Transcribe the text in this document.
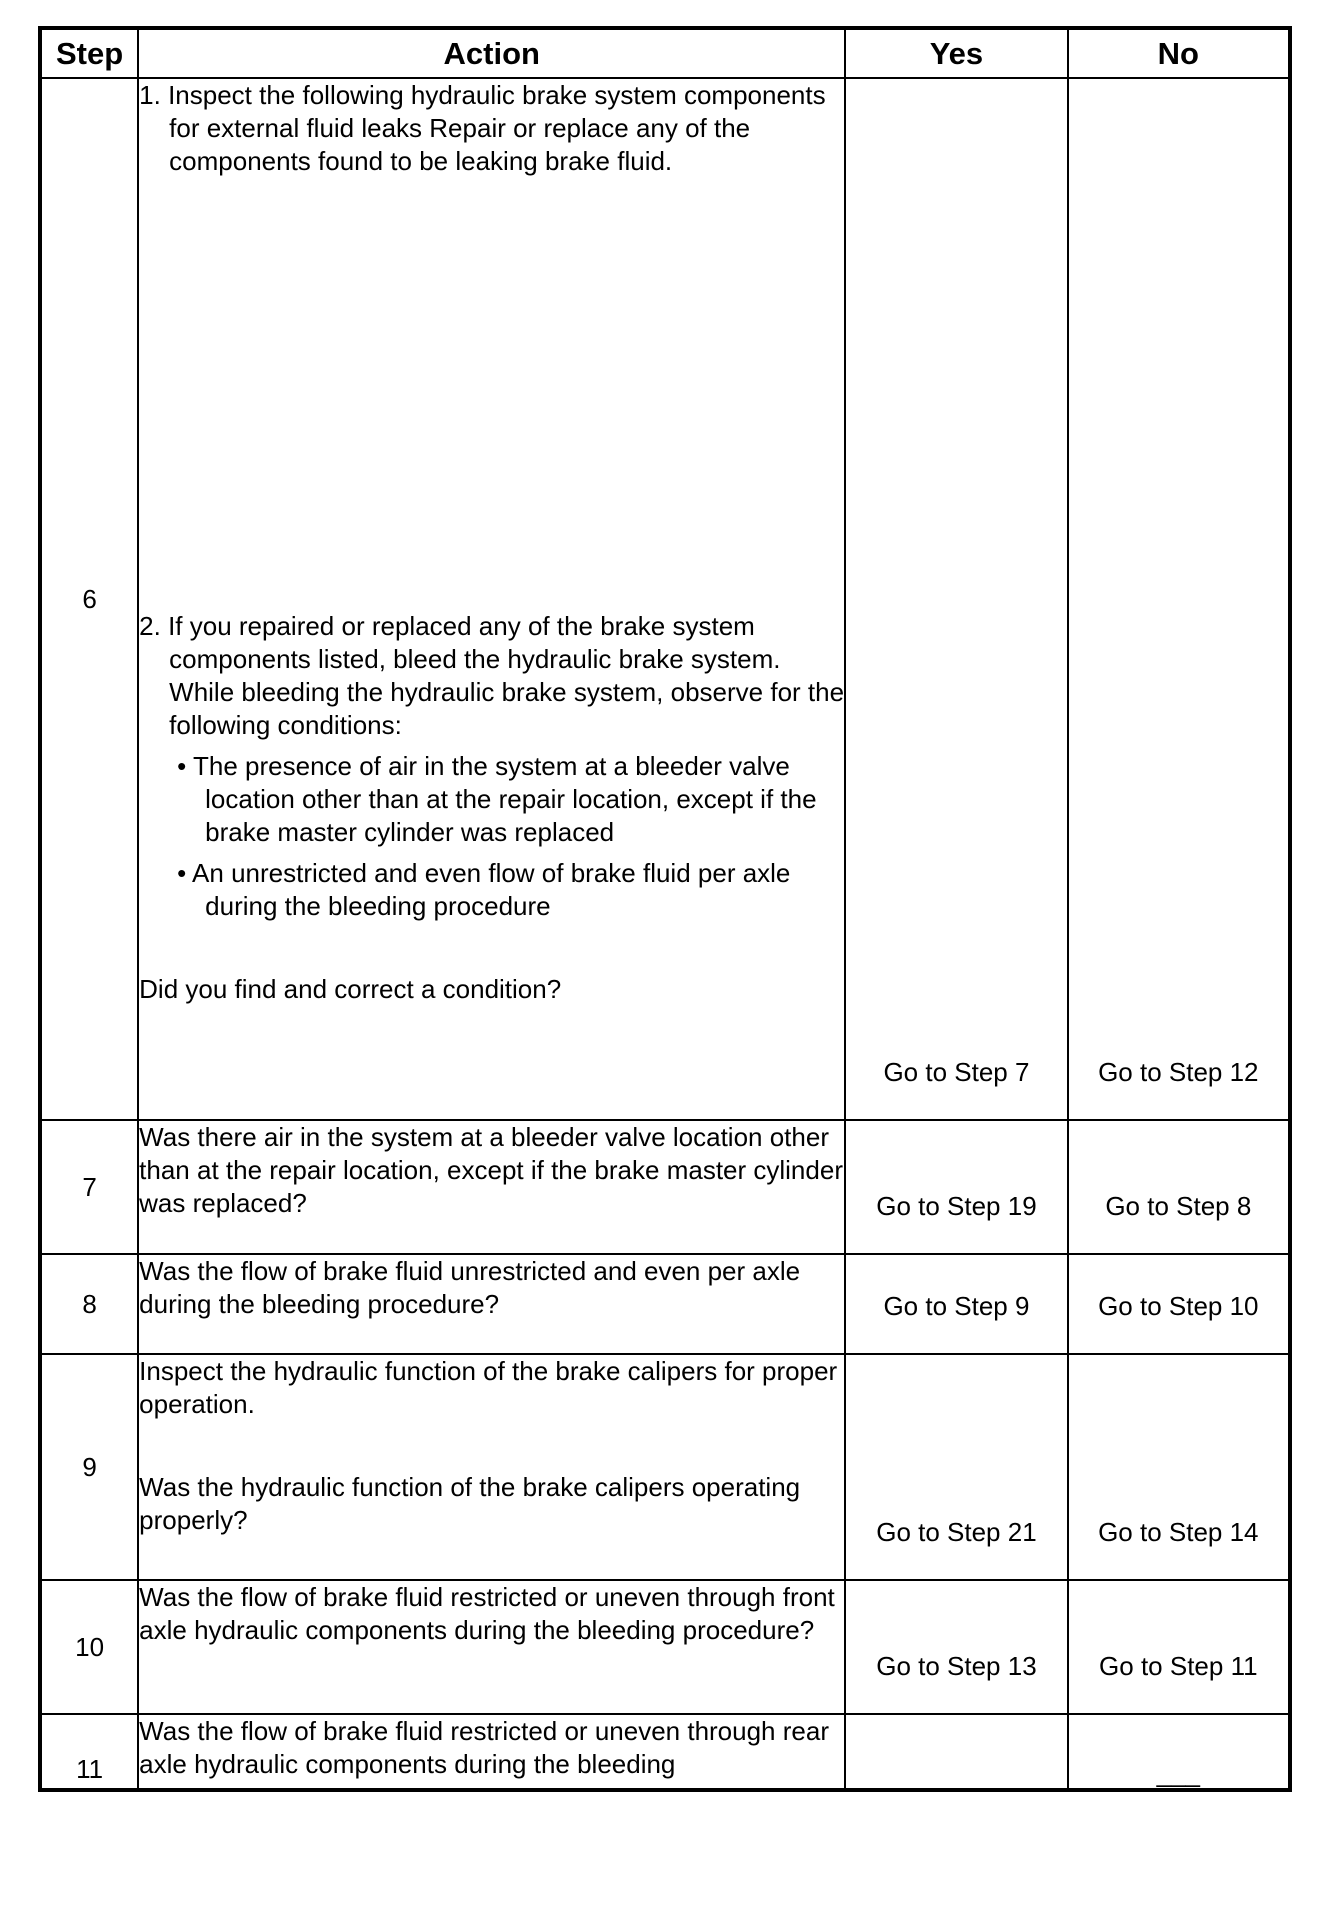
Step	Action	Yes	No
6	1. Inspect the following hydraulic brake system components for external fluid leaks Repair or replace any of the components found to be leaking brake fluid.
2. If you repaired or replaced any of the brake system components listed, bleed the hydraulic brake system. While bleeding the hydraulic brake system, observe for the following conditions:
• The presence of air in the system at a bleeder valve location other than at the repair location, except if the brake master cylinder was replaced
• An unrestricted and even flow of brake fluid per axle during the bleeding procedure
Did you find and correct a condition?	Go to Step 7	Go to Step 12

7	Was there air in the system at a bleeder valve location other than at the repair location, except if the brake master cylinder was replaced?	Go to Step 19	Go to Step 8

8	Was the flow of brake fluid unrestricted and even per axle during the bleeding procedure?	Go to Step 9	Go to Step 10

9	Inspect the hydraulic function of the brake calipers for proper operation.
Was the hydraulic function of the brake calipers operating properly?	Go to Step 21	Go to Step 14

10	Was the flow of brake fluid restricted or uneven through front axle hydraulic components during the bleeding procedure?	Go to Step 13	Go to Step 11

11	Was the flow of brake fluid restricted or uneven through rear axle hydraulic components during the bleeding		___
